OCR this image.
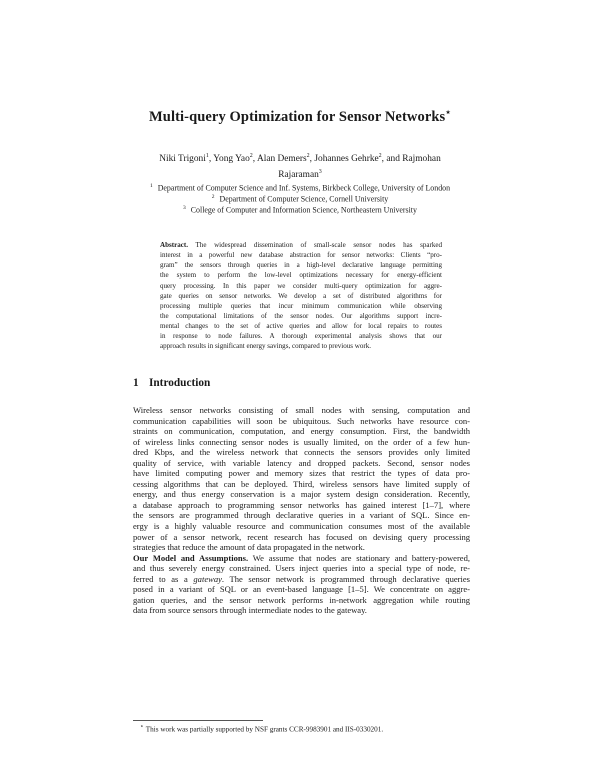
Multi-query Optimization for Sensor Networks⋆
Niki Trigoni$^1$, Yong Yao$^2$, Alan Demers$^2$, Johannes Gehrke$^2$, and Rajmohan
Rajaraman$^3$
$^1$ Department of Computer Science and Inf. Systems, Birkbeck College, University of London
$^2$ Department of Computer Science, Cornell University
$^3$ College of Computer and Information Science, Northeastern University
Abstract. The widespread dissemination of small-scale sensor nodes has sparked
interest in a powerful new database abstraction for sensor networks: Clients “pro-
gram” the sensors through queries in a high-level declarative language permitting
the system to perform the low-level optimizations necessary for energy-efficient
query processing. In this paper we consider multi-query optimization for aggre-
gate queries on sensor networks. We develop a set of distributed algorithms for
processing multiple queries that incur minimum communication while observing
the computational limitations of the sensor nodes. Our algorithms support incre-
mental changes to the set of active queries and allow for local repairs to routes
in response to node failures. A thorough experimental analysis shows that our
approach results in significant energy savings, compared to previous work.
1 Introduction
Wireless sensor networks consisting of small nodes with sensing, computation and
communication capabilities will soon be ubiquitous. Such networks have resource con-
straints on communication, computation, and energy consumption. First, the bandwidth
of wireless links connecting sensor nodes is usually limited, on the order of a few hun-
dred Kbps, and the wireless network that connects the sensors provides only limited
quality of service, with variable latency and dropped packets. Second, sensor nodes
have limited computing power and memory sizes that restrict the types of data pro-
cessing algorithms that can be deployed. Third, wireless sensors have limited supply of
energy, and thus energy conservation is a major system design consideration. Recently,
a database approach to programming sensor networks has gained interest [1–7], where
the sensors are programmed through declarative queries in a variant of SQL. Since en-
ergy is a highly valuable resource and communication consumes most of the available
power of a sensor network, recent research has focused on devising query processing
strategies that reduce the amount of data propagated in the network.
Our Model and Assumptions. We assume that nodes are stationary and battery-powered,
and thus severely energy constrained. Users inject queries into a special type of node, re-
ferred to as a gateway. The sensor network is programmed through declarative queries
posed in a variant of SQL or an event-based language [1–5]. We concentrate on aggre-
gation queries, and the sensor network performs in-network aggregation while routing
data from source sensors through intermediate nodes to the gateway.
⋆ This work was partially supported by NSF grants CCR-9983901 and IIS-0330201.
